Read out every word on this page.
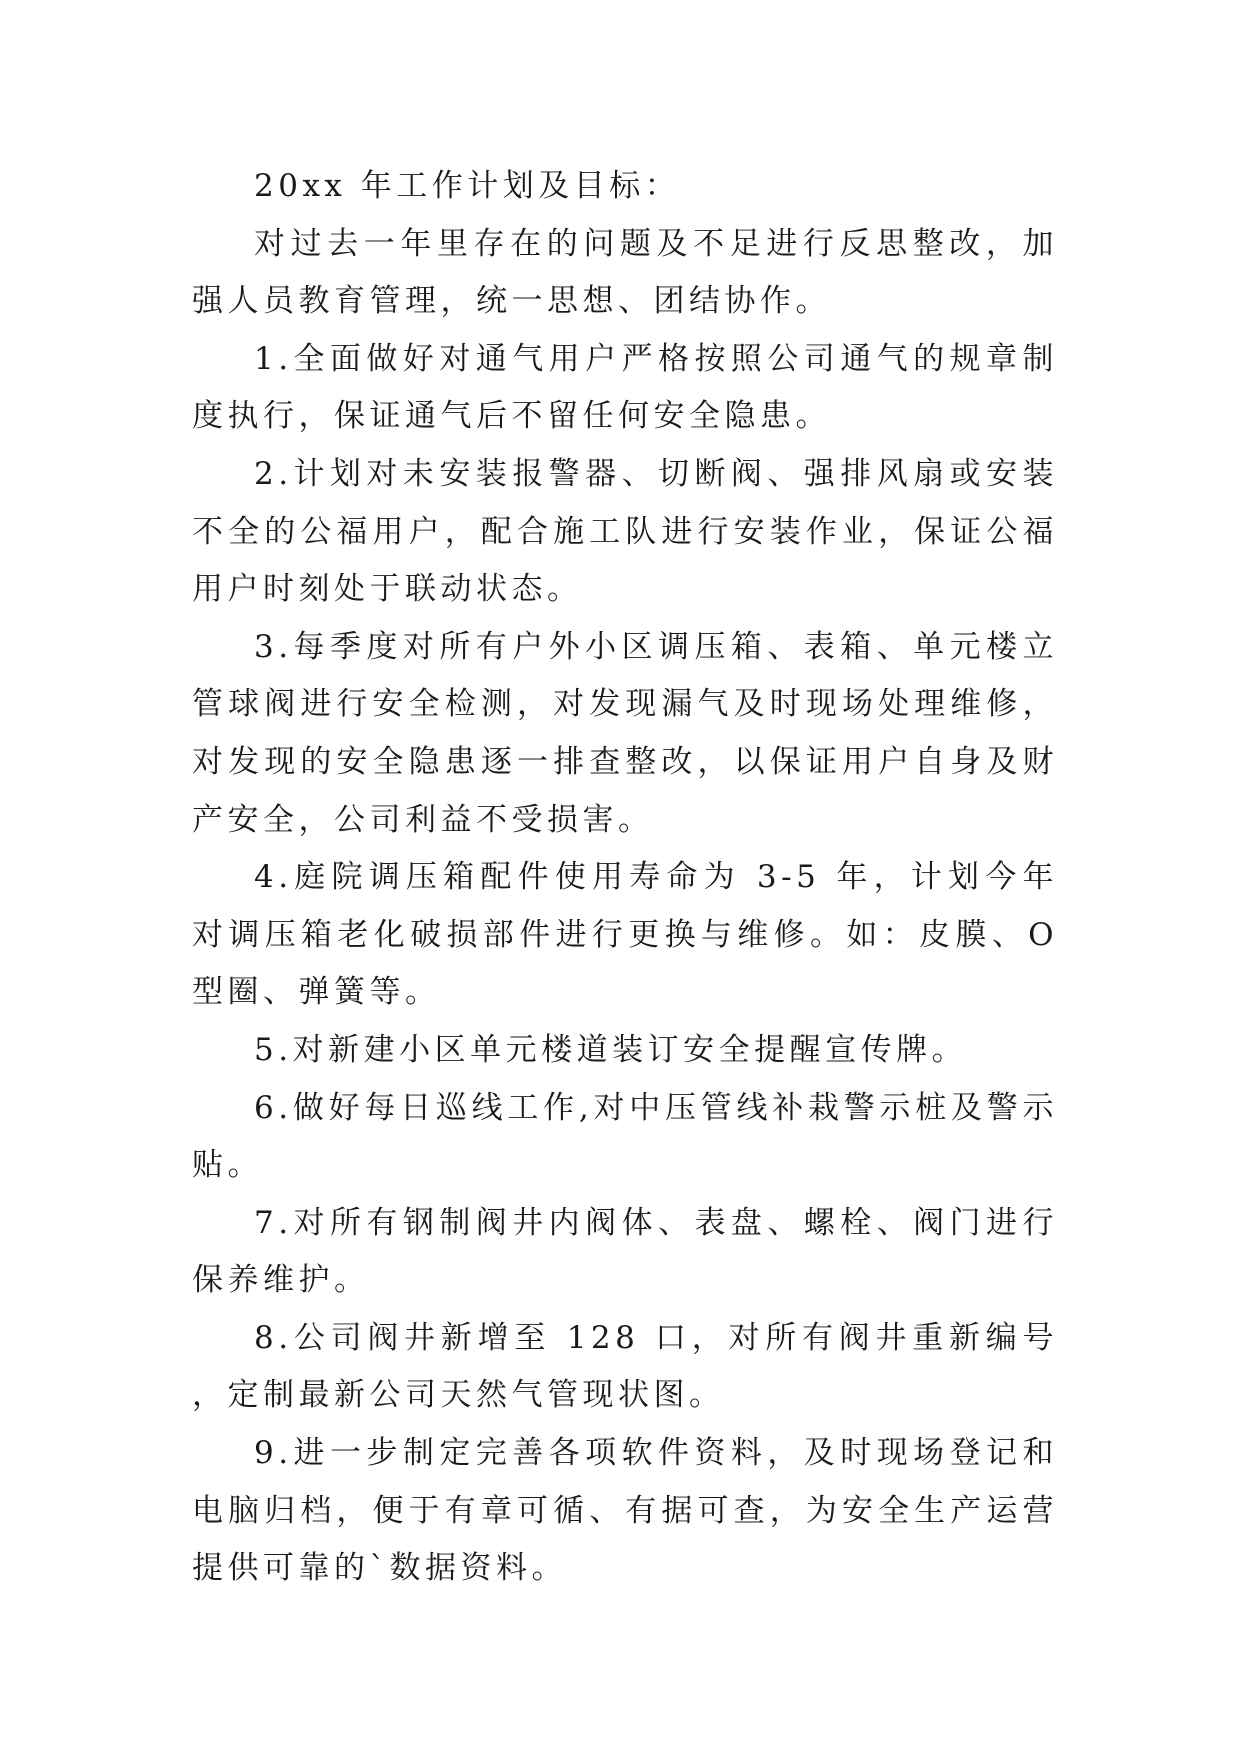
20xx 年工作计划及目标：

对过去一年里存在的问题及不足进行反思整改，加强人员教育管理，统一思想、团结协作。

1.全面做好对通气用户严格按照公司通气的规章制度执行，保证通气后不留任何安全隐患。

2.计划对未安装报警器、切断阀、强排风扇或安装不全的公福用户，配合施工队进行安装作业，保证公福用户时刻处于联动状态。

3.每季度对所有户外小区调压箱、表箱、单元楼立管球阀进行安全检测，对发现漏气及时现场处理维修，对发现的安全隐患逐一排查整改，以保证用户自身及财产安全，公司利益不受损害。

4.庭院调压箱配件使用寿命为 3-5 年，计划今年对调压箱老化破损部件进行更换与维修。如：皮膜、O 型圈、弹簧等。

5.对新建小区单元楼道装订安全提醒宣传牌。

6.做好每日巡线工作,对中压管线补栽警示桩及警示贴。

7.对所有钢制阀井内阀体、表盘、螺栓、阀门进行保养维护。

8.公司阀井新增至 128 口，对所有阀井重新编号，定制最新公司天然气管现状图。

9.进一步制定完善各项软件资料，及时现场登记和电脑归档，便于有章可循、有据可查，为安全生产运营提供可靠的`数据资料。
